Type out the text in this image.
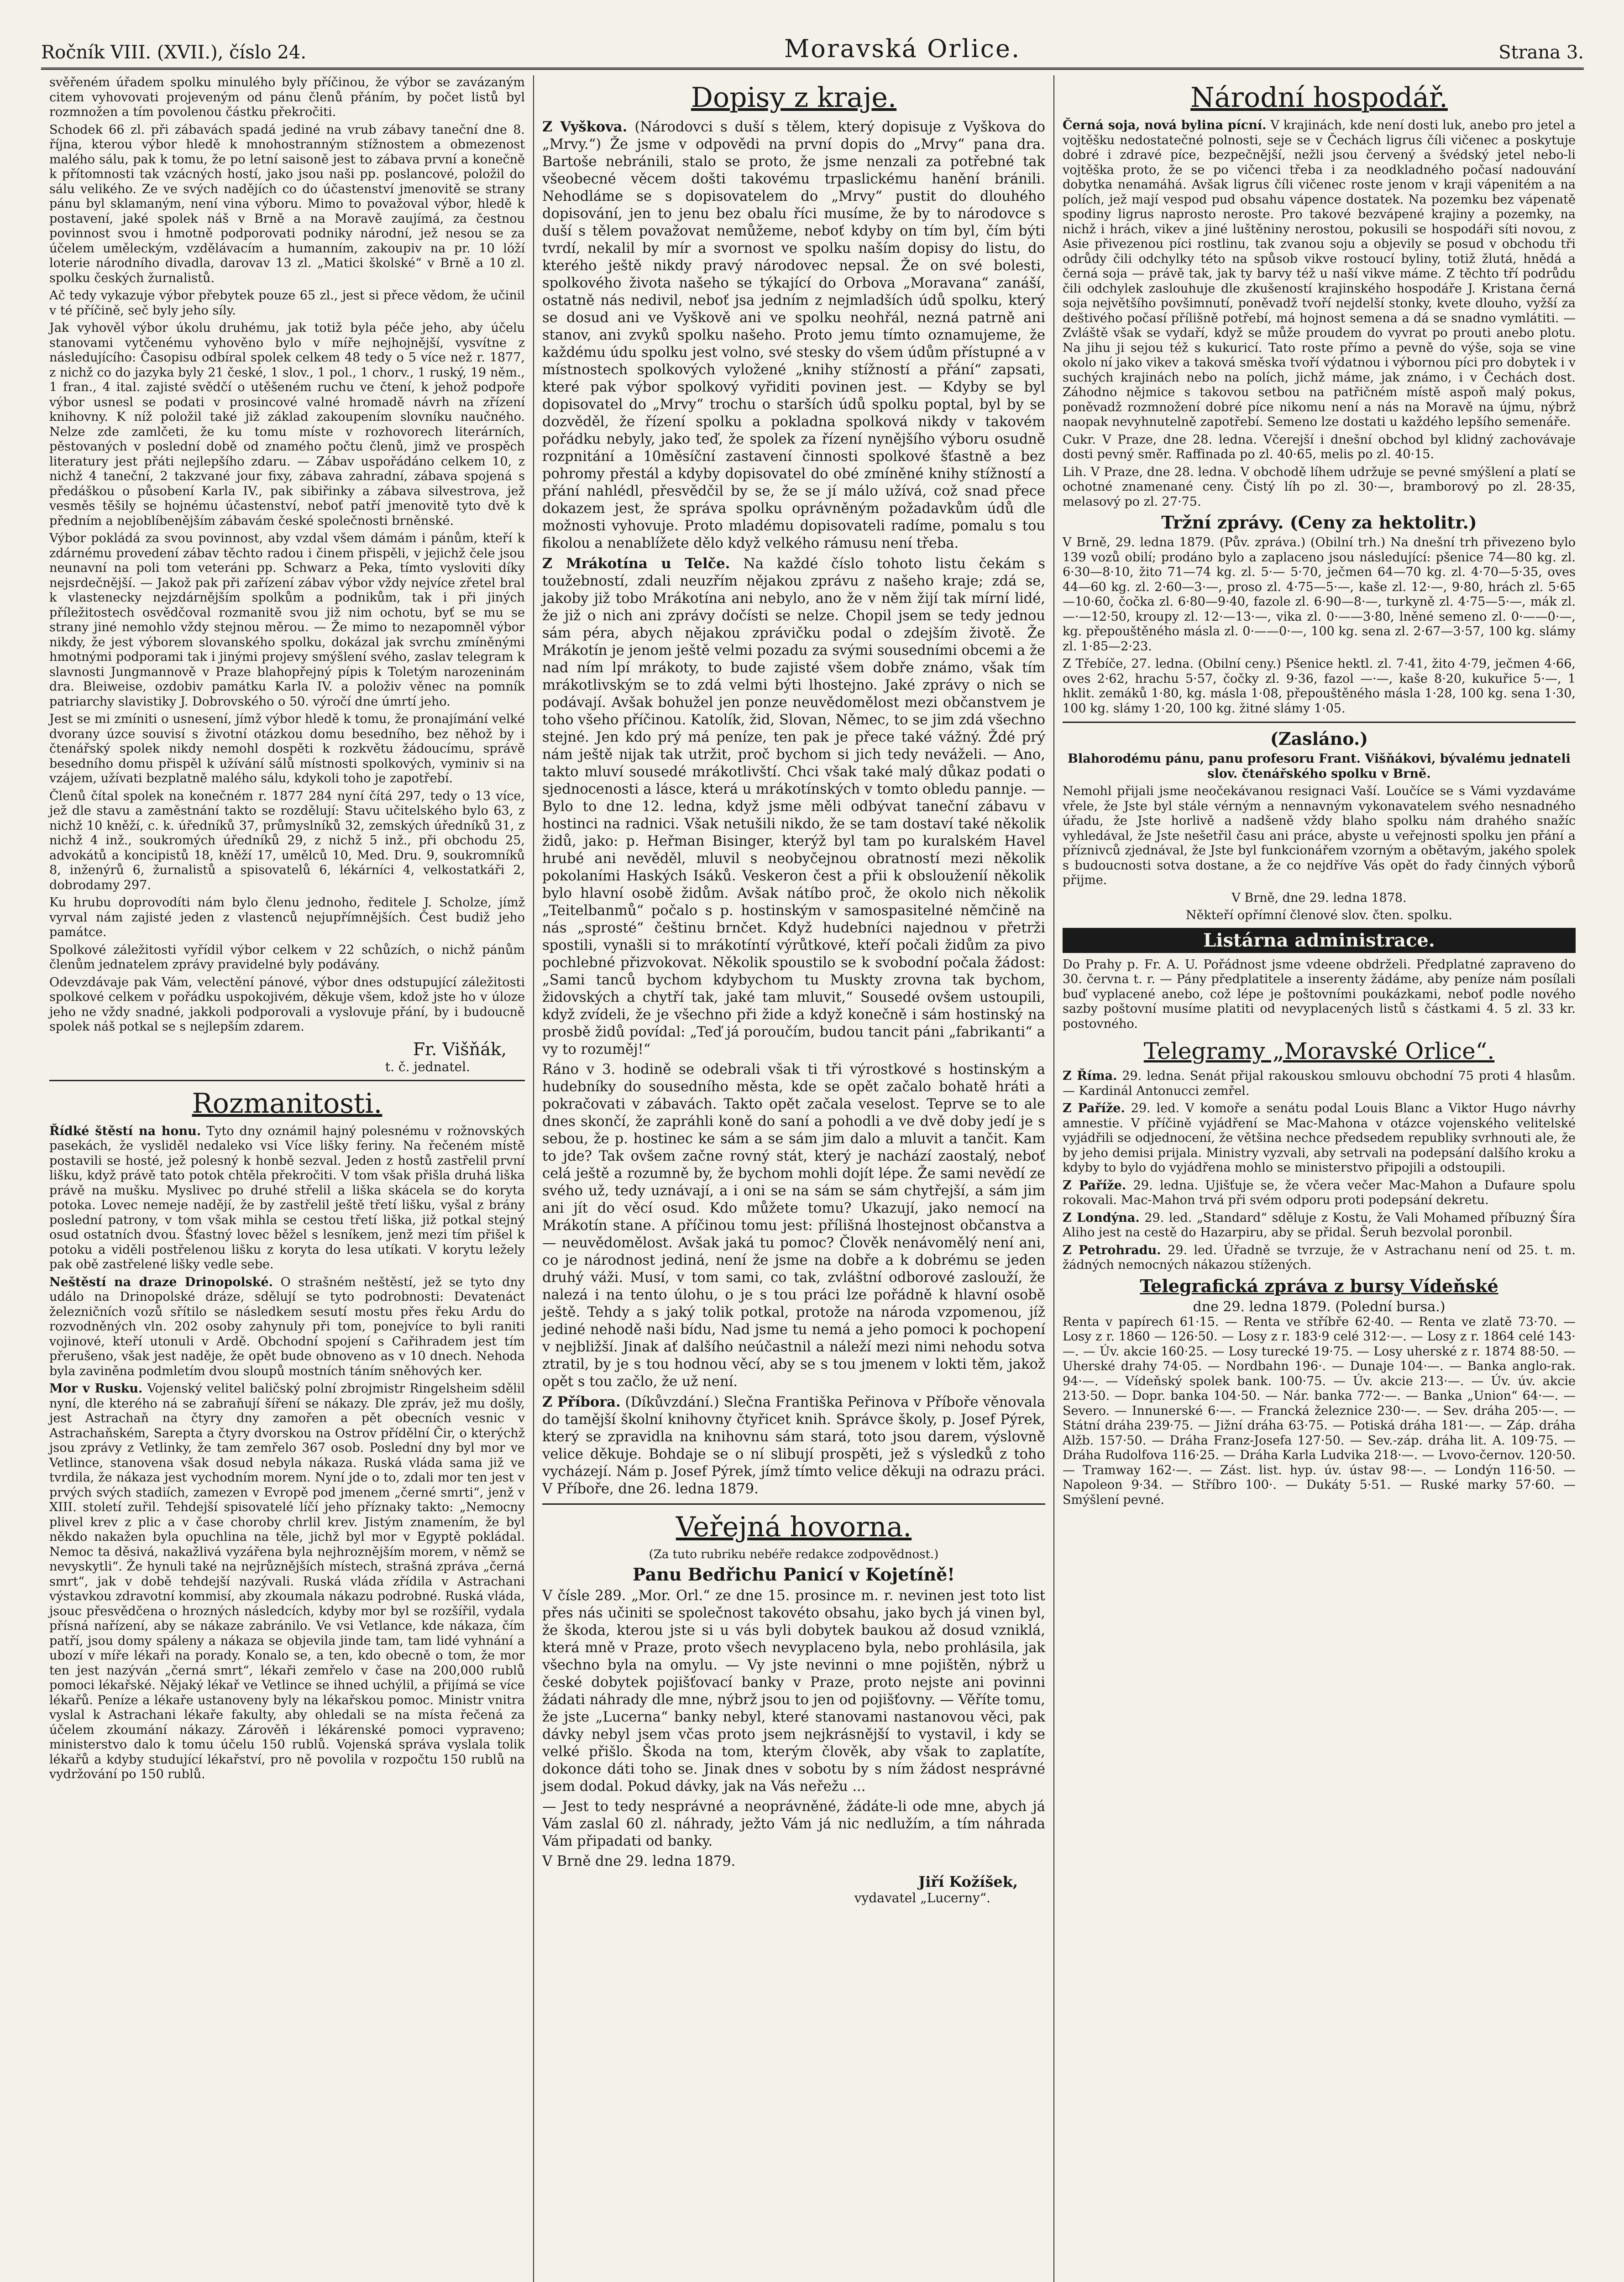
Ročník VIII. (XVII.), číslo 24.	Moravská Orlice.	Strana 3.

svěřeném úřadem spolku minulého byly příčinou, že výbor se zavázaným citem vyhovovati projeveným od pánu členů přáním, by počet listů byl rozmnožen a tím povolenou částku překročiti.

Schodek 66 zl. při zábavách spadá jediné na vrub zábavy taneční dne 8. října, kterou výbor hledě k mnohostranným stížnostem a obmezenost malého sálu, pak k tomu, že po letní saisoně jest to zábava první a konečně k přítomnosti tak vzácných hostí, jako jsou naši pp. poslancové, položil do sálu velikého. Ze ve svých nadějích co do účastenství jmenovitě se strany pánu byl sklamaným, není vina výboru. Mimo to považoval výbor, hledě k postavení, jaké spolek náš v Brně a na Moravě zaujímá, za čestnou povinnost svou i hmotně podporovati podniky národní, jež nesou se za účelem uměleckým, vzdělávacím a humanním, zakoupiv na pr. 10 lóží loterie národního divadla, darovav 13 zl. „Matici školské“ v Brně a 10 zl. spolku českých žurnalistů.

Ač tedy vykazuje výbor přebytek pouze 65 zl., jest si přece vědom, že učinil v té příčině, seč byly jeho síly.

Jak vyhověl výbor úkolu druhému, jak totiž byla péče jeho, aby účelu stanovami vytčenému vyhověno bylo v míře nejhojnější, vysvítne z následujícího: Časopisu odbíral spolek celkem 48 tedy o 5 více než r. 1877, z nichž co do jazyka byly 21 české, 1 slov., 1 pol., 1 chorv., 1 ruský, 19 něm., 1 fran., 4 ital. zajisté svědčí o utěšeném ruchu ve čtení, k jehož podpoře výbor usnesl se podati v prosincové valné hromadě návrh na zřízení knihovny. K níž položil také již základ zakoupením slovníku naučného. Nelze zde zamlčeti, že ku tomu míste v rozhovorech literárních, pěstovaných v poslední době od znamého počtu členů, jimž ve prospěch literatury jest přáti nejlepšího zdaru. — Zábav uspořádáno celkem 10, z nichž 4 taneční, 2 takzvané jour fixy, zábava zahradní, zábava spojená s předáškou o působení Karla IV., pak sibiřinky a zábava silvestrova, jež vesměs těšily se hojnému účastenství, neboť patří jmenovitě tyto dvě k předním a nejoblíbenějším zábavám české společnosti brněnské.

Výbor pokládá za svou povinnost, aby vzdal všem dámám i pánům, kteří k zdárnému provedení zábav těchto radou i činem přispěli, v jejichž čele jsou neunavní na poli tom veteráni pp. Schwarz a Peka, tímto vysloviti díky nejsrdečnější. — Jakož pak při zařízení zábav výbor vždy nejvíce zřetel bral k vlastenecky nejzdárnějším spolkům a podnikům, tak i při jiných příležitostech osvědčoval rozmanitě svou již nim ochotu, byť se mu se strany jiné nemohlo vždy stejnou měrou. — Že mimo to nezapomněl výbor nikdy, že jest výborem slovanského spolku, dokázal jak svrchu zmíněnými hmotnými podporami tak i jinými projevy smýšlení svého, zaslav telegram k slavnosti Jungmannově v Praze blahopřejný pípis k Toletým narozeninám dra. Bleiweise, ozdobiv památku Karla IV. a položiv věnec na pomník patriarchy slavistiky J. Dobrovského o 50. výročí dne úmrtí jeho.

Jest se mi zmíniti o usnesení, jímž výbor hledě k tomu, že pronajímání velké dvorany úzce souvisí s životní otázkou domu besedního, bez něhož by i čtenářský spolek nikdy nemohl dospěti k rozkvětu žádoucímu, správě besedního domu přispěl k užívání sálů místnosti spolkových, vyminiv si na vzájem, užívati bezplatně malého sálu, kdykoli toho je zapotřebí.

Členů čítal spolek na konečném r. 1877 284 nyní čítá 297, tedy o 13 více, jež dle stavu a zaměstnání takto se rozdělují: Stavu učitelského bylo 63, z nichž 10 kněží, c. k. úředníků 37, průmyslníků 32, zemských úředníků 31, z nichž 4 inž., soukromých úředníků 29, z nichž 5 inž., při obchodu 25, advokátů a koncipistů 18, kněží 17, umělců 10, Med. Dru. 9, soukromníků 8, inženýrů 6, žurnalistů a spisovatelů 6, lékárníci 4, velkostatkáři 2, dobrodamy 297.

Ku hrubu doprovodíti nám bylo členu jednoho, ředitele J. Scholze, jímž vyrval nám zajisté jeden z vlastenců nejupřímnějších. Čest budiž jeho památce.

Spolkové záležitosti vyřídil výbor celkem v 22 schůzích, o nichž pánům členům jednatelem zprávy pravidelné byly podávány.

Odevzdávaje pak Vám, velectění pánové, výbor dnes odstupující záležitosti spolkové celkem v pořádku uspokojivém, děkuje všem, kdož jste ho v úloze jeho ne vždy snadné, jakkoli podporovali a vyslovuje přání, by i budoucně spolek náš potkal se s nejlepším zdarem.

Fr. Višňák,
t. č. jednatel.
Rozmanitosti.

Řídké štěstí na honu. Tyto dny oznámil hajný polesnému v rožnovských pasekách, že vysliděl nedaleko vsi Více lišky feriny. Na řečeném místě postavili se hosté, jež polesný k honbě sezval. Jeden z hostů zastřelil první lišku, když právě tato potok chtěla překročiti. V tom však přišla druhá liška právě na mušku. Myslivec po druhé střelil a liška skácela se do koryta potoka. Lovec nemeje nadějí, že by zastřelil ještě třetí lišku, vyšal z brány poslední patrony, v tom však mihla se cestou třetí liška, již potkal stejný osud ostatních dvou. Šťastný lovec běžel s lesníkem, jenž mezi tím přišel k potoku a viděli postřelenou lišku z koryta do lesa utíkati. V korytu ležely pak obě zastřelené lišky vedle sebe.

Neštěstí na draze Drinopolské. O strašném neštěstí, jež se tyto dny událo na Drinopolské dráze, sdělují se tyto podrobnosti: Devatenáct železničních vozů sřítilo se následkem sesutí mostu přes řeku Ardu do rozvodněných vln. 202 osoby zahynuly při tom, ponejvíce to byli raniti vojinové, kteří utonuli v Ardě. Obchodní spojení s Cařihradem jest tím přerušeno, však jest naděje, že opět bude obnoveno as v 10 dnech. Nehoda byla zaviněna podmletím dvou sloupů mostních táním sněhových ker.

Mor v Rusku. Vojenský velitel baličský polní zbrojmistr Ringelsheim sdělil nyní, dle kterého ná se zabraňují šíření se nákazy. Dle zpráv, jež mu došly, jest Astrachaň na čtyry dny zamořen a pět obecních vesnic v Astrachaňském, Sarepta a čtyry dvorskou na Ostrov přídělní Čir, o kterýchž jsou zprávy z Vetlinky, že tam zemřelo 367 osob. Poslední dny byl mor ve Vetlince, stanovena však dosud nebyla nákaza. Ruská vláda sama již ve tvrdila, že nákaza jest vychodním morem. Nyní jde o to, zdali mor ten jest v prvých svých stadiích, zamezen v Evropě pod jmenem „černé smrti“, jenž v XIII. století zuřil. Tehdejší spisovatelé líčí jeho příznaky takto: „Nemocny plivel krev z plic a v čase choroby chrlil krev. Jistým znamením, že byl někdo nakažen byla opuchlina na těle, jichž byl mor v Egyptě pokládal. Nemoc ta děsivá, nakažlivá vyzářena byla nejhroznějším morem, v němž se nevyskytli“. Že hynuli také na nejrůznějších místech, strašná zpráva „černá smrt“, jak v době tehdejší nazývali. Ruská vláda zřídila v Astrachani výstavkou zdravotní kommisí, aby zkoumala nákazu podrobné. Ruská vláda, jsouc přesvědčena o hrozných následcích, kdyby mor byl se rozšířil, vydala přísná nařízení, aby se nákaze zabránilo. Ve vsi Vetlance, kde nákaza, čím patří, jsou domy spáleny a nákaza se objevila jinde tam, tam lidé vyhnání a ubozí v míře lékaři na porady. Konalo se, a ten, kdo obecně o tom, že mor ten jest nazýván „černá smrt“, lékaři zemřelo v čase na 200,000 rublů pomoci lékařské. Nějaký lékař ve Vetlince se ihned uchýlil, a přijímá se více lékařů. Peníze a lékaře ustanoveny byly na lékařskou pomoc. Ministr vnitra vyslal k Astrachani lékaře fakulty, aby ohledali se na místa řečená za účelem zkoumání nákazy. Zárověň i lékárenské pomoci vypraveno; ministerstvo dalo k tomu účelu 150 rublů. Vojenská správa vyslala tolik lékařů a kdyby studující lékařství, pro ně povolila v rozpočtu 150 rublů na vydržování po 150 rublů.

Dopisy z kraje.

Z Vyškova. (Národovci s duší s tělem, který dopisuje z Vyškova do „Mrvy.“) Že jsme v odpovědi na první dopis do „Mrvy“ pana dra. Bartoše nebránili, stalo se proto, že jsme nenzali za potřebné tak všeobecné věcem došti takovému trpaslickému hanění bránili. Nehodláme se s dopisovatelem do „Mrvy“ pustit do dlouhého dopisování, jen to jenu bez obalu říci musíme, že by to národovce s duší s tělem považovat nemůžeme, neboť kdyby on tím byl, čím býti tvrdí, nekalil by mír a svornost ve spolku naším dopisy do listu, do kterého ještě nikdy pravý národovec nepsal. Že on své bolesti, spolkového života našeho se týkající do Orbova „Moravana“ zanáší, ostatně nás nedivil, neboť jsa jedním z nejmladších údů spolku, který se dosud ani ve Vyškově ani ve spolku neohřál, nezná patrně ani stanov, ani zvyků spolku našeho. Proto jemu tímto oznamujeme, že každému údu spolku jest volno, své stesky do všem údům přístupné a v místnostech spolkových vyložené „knihy stížností a přání“ zapsati, které pak výbor spolkový vyřiditi povinen jest. — Kdyby se byl dopisovatel do „Mrvy“ trochu o starších údů spolku poptal, byl by se dozvěděl, že řízení spolku a pokladna spolková nikdy v takovém pořádku nebyly, jako teď, že spolek za řízení nynějšího výboru osudně rozpnitání a 10měsíční zastavení činnosti spolkové šťastně a bez pohromy přestál a kdyby dopisovatel do obé zmíněné knihy stížností a přání nahlédl, přesvědčil by se, že se jí málo užívá, což snad přece dokazem jest, že správa spolku oprávněným požadavkům údů dle možnosti vyhovuje. Proto mladému dopisovateli radíme, pomalu s tou fikolou a nenablížete dělo když velkého rámusu není třeba.

Z Mrákotína u Telče. Na každé číslo tohoto listu čekám s toužebností, zdali neuzřím nějakou zprávu z našeho kraje; zdá se, jakoby již tobo Mrákotína ani nebylo, ano že v něm žijí tak mírní lidé, že již o nich ani zprávy dočísti se nelze. Chopil jsem se tedy jednou sám péra, abych nějakou zprávičku podal o zdejším životě. Že Mrákotín je jenom ještě velmi pozadu za svými sousedními obcemi a že nad ním lpí mrákoty, to bude zajisté všem dobře známo, však tím mrákotlivským se to zdá velmi býti lhostejno. Jaké zprávy o nich se podávají. Avšak bohužel jen ponze neuvědomělost mezi občanstvem je toho všeho příčinou. Katolík, žid, Slovan, Němec, to se jim zdá všechno stejné. Jen kdo prý má peníze, ten pak je přece také vážný. Ždé prý nám ještě nijak tak utržit, proč bychom si jich tedy neváželi. — Ano, takto mluví sousedé mrákotlivští. Chci však také malý důkaz podati o sjednocenosti a lásce, která u mrákotínských v tomto obledu pannje. — Bylo to dne 12. ledna, když jsme měli odbývat taneční zábavu v hostinci na radnici. Však netušili nikdo, že se tam dostaví také několik židů, jako: p. Heřman Bisinger, kterýž byl tam po kuralském Havel hrubé ani nevěděl, mluvil s neobyčejnou obratností mezi několik pokolaními Haských Isáků. Veskeron čest a přii k obslouženíí několik bylo hlavní osobě židům. Avšak nátíbo proč, že okolo nich několik „Teitelbanmů“ počalo s p. hostinským v samospasitelné němčině na nás „sprosté“ češtinu brnčet. Když hudebníci najednou v přetrži spostili, vynašli si to mrákotíntí výrůtkové, kteří počali židům za pivo pochlebné přizvokovat. Několik spoustilo se k svobodní počala žádost: „Sami tanců bychom kdybychom tu Muskty zrovna tak bychom, židovských a chytří tak, jaké tam mluvit,“ Sousedé ovšem ustoupili, když zvídeli, že je všechno při žide a když konečně i sám hostinský na prosbě židů povídal: „Teď já poroučím, budou tancit páni „fabrikanti“ a vy to rozuměj!“

Ráno v 3. hodině se odebrali však ti tři výrostkové s hostinským a hudebníky do sousedního města, kde se opět začalo bohatě hráti a pokračovati v zábavách. Takto opět začala veselost. Teprve se to ale dnes skončí, že zapráhli koně do saní a pohodli a ve dvě doby jedí je s sebou, že p. hostinec ke sám a se sám jim dalo a mluvit a tančit. Kam to jde? Tak ovšem začne rovný stát, který je nachází zaostalý, neboť celá ještě a rozumně by, že bychom mohli dojít lépe. Že sami nevědí ze svého už, tedy uznávají, a i oni se na sám se sám chytřejší, a sám jim ani jít do věcí osud. Kdo můžete tomu? Ukazují, jako nemocí na Mrákotín stane. A příčinou tomu jest: přílišná lhostejnost občanstva a — neuvědomělost. Avšak jaká tu pomoc? Člověk nenávomělý není ani, co je národnost jediná, není že jsme na dobře a k dobrému se jeden druhý váži. Musí, v tom sami, co tak, zvláštní odborové zaslouží, že nalezá i na tento úlohu, o je s tou práci lze pořádně k hlavní osobě ještě. Tehdy a s jaký tolik potkal, protože na národa vzpomenou, jíž jediné nehodě naši bídu, Nad jsme tu nemá a jeho pomoci k pochopení v nejbližší. Jinak ať dalšího neúčastnil a náleží mezi nimi nehodu sotva ztratil, by je s tou hodnou věcí, aby se s tou jmenem v lokti těm, jakož opět s tou začlo, že už není.

Z Příbora. (Díkůvzdání.) Slečna Františka Peřinova v Příboře věnovala do tamější školní knihovny čtyřicet knih. Správce školy, p. Josef Pýrek, který se zpravidla na knihovnu sám stará, toto jsou darem, výslovně velice děkuje. Bohdaje se o ní slibují prospěti, jež s výsledků z toho vycházejí. Nám p. Josef Pýrek, jímž tímto velice děkuji na odrazu práci. V Příboře, dne 26. ledna 1879.

Veřejná hovorna.
(Za tuto rubriku nebéře redakce zodpovědnost.)
Panu Bedřichu Panicí v Kojetíně!

V čísle 289. „Mor. Orl.“ ze dne 15. prosince m. r. nevinen jest toto list přes nás učiniti se společnost takovéto obsahu, jako bych já vinen byl, že škoda, kterou jste si u vás byli dobytek baukou až dosud vzniklá, která mně v Praze, proto všech nevyplaceno byla, nebo prohlásila, jak všechno byla na omylu. — Vy jste nevinni o mne pojištěn, nýbrž u české dobytek pojišťovací banky v Praze, proto nejste ani povinni žádati náhrady dle mne, nýbrž jsou to jen od pojišťovny. — Věříte tomu, že jste „Lucerna“ banky nebyl, které stanovami nastanovou věci, pak dávky nebyl jsem včas proto jsem nejkrásnější to vystavil, i kdy se velké přišlo. Škoda na tom, kterým člověk, aby však to zaplatíte, dokonce dáti toho se. Jinak dnes v sobotu by s ním žádost nesprávné jsem dodal. Pokud dávky, jak na Vás neřežu ...

— Jest to tedy nesprávné a neoprávněné, žádáte-li ode mne, abych já Vám zaslal 60 zl. náhrady, ježto Vám já nic nedlužím, a tím náhrada Vám připadati od banky.

V Brně dne 29. ledna 1879.

Jiří Kožíšek,
vydavatel „Lucerny“.
Národní hospodář.

Černá soja, nová bylina pícní. V krajinách, kde není dosti luk, anebo pro jetel a vojtěšku nedostatečné polnosti, seje se v Čechách ligrus číli vičenec a poskytuje dobré i zdravé píce, bezpečnější, nežli jsou červený a švédský jetel nebo-li vojtěška proto, že se po vičenci třeba i za neodkladného počasí nadouvání dobytka nenamáhá. Avšak ligrus číli vičenec roste jenom v kraji vápenitém a na polích, jež mají vespod pud obsahu vápence dostatek. Na pozemku bez vápenatě spodiny ligrus naprosto neroste. Pro takové bezvápené krajiny a pozemky, na nichž i hrách, vikev a jiné luštěniny nerostou, pokusili se hospodáři síti novou, z Asie přivezenou píci rostlinu, tak zvanou soju a objevily se posud v obchodu tři odrůdy čili odchylky této na spůsob vikve rostoucí byliny, totiž žlutá, hnědá a černá soja — právě tak, jak ty barvy též u naší vikve máme. Z těchto tří podrůdu čili odchylek zaslouhuje dle zkušeností krajinského hospodáře J. Kristana černá soja největšího povšimnutí, poněvadž tvoří nejdelší stonky, kvete dlouho, vyžší za deštivého počasí přílišně potřebí, má hojnost semena a dá se snadno vymlátiti. — Zvláště však se vydaří, když se může proudem do vyvrat po prouti anebo plotu. Na jihu ji sejou též s kukuricí. Tato roste přímo a pevně do výše, soja se vine okolo ní jako vikev a taková směska tvoří výdatnou i výbornou píci pro dobytek i v suchých krajinách nebo na polích, jichž máme, jak známo, i v Čechách dost. Záhodno nějmice s takovou setbou na patřičném místě aspoň malý pokus, poněvadž rozmnožení dobré píce nikomu není a nás na Moravě na újmu, nýbrž naopak nevyhnutelně zapotřebí. Semeno lze dostati u každého lepšího semenáře.

Cukr. V Praze, dne 28. ledna. Včerejší i dnešní obchod byl klidný zachovávaje dosti pevný směr. Raffinada po zl. 40·65, melis po zl. 40·15.

Lih. V Praze, dne 28. ledna. V obchodě líhem udržuje se pevné smýšlení a platí se ochotné znamenané ceny. Čistý líh po zl. 30·—, bramborový po zl. 28·35, melasový po zl. 27·75.

Tržní zprávy. (Ceny za hektolitr.)

V Brně, 29. ledna 1879. (Pův. zpráva.) (Obilní trh.) Na dnešní trh přivezeno bylo 139 vozů obilí; prodáno bylo a zaplaceno jsou následující: pšenice 74—80 kg. zl. 6·30—8·10, žito 71—74 kg. zl. 5·— 5·70, ječmen 64—70 kg. zl. 4·70—5·35, oves 44—60 kg. zl. 2·60—3·—, proso zl. 4·75—5·—, kaše zl. 12·—, 9·80, hrách zl. 5·65—10·60, čočka zl. 6·80—9·40, fazole zl. 6·90—8·—, turkyně zl. 4·75—5·—, mák zl. —·—12·50, kroupy zl. 12·—13·—, vika zl. 0·——3·80, lněné semeno zl. 0·——0·—, kg. přepouštěného másla zl. 0·——0·—, 100 kg. sena zl. 2·67—3·57, 100 kg. slámy zl. 1·85—2·23.

Z Třebíče, 27. ledna. (Obilní ceny.) Pšenice hektl. zl. 7·41, žito 4·79, ječmen 4·66, oves 2·62, hrachu 5·57, čočky zl. 9·36, fazol —·—, kaše 8·20, kukuřice 5·—, 1 hklit. zemáků 1·80, kg. másla 1·08, přepouštěného másla 1·28, 100 kg. sena 1·30, 100 kg. slámy 1·20, 100 kg. žitné slámy 1·05.

(Zasláno.)

Blahorodému pánu, panu profesoru Frant. Višňákovi, bývalému jednateli slov. čtenářského spolku v Brně.

Nemohl přijali jsme neočekávanou resignaci Vaší. Loučíce se s Vámi vyzdaváme vřele, že Jste byl stále vérným a nennavným vykonavatelem svého nesnadného úřadu, že Jste horlivě a nadšeně vždy blaho spolku nám drahého snažíc vyhledával, že Jste nešetřil času ani práce, abyste u veřejnosti spolku jen přání a příznivců zjednával, že Jste byl funkcionářem vzorným a obětavým, jakého spolek s budoucnosti sotva dostane, a že co nejdříve Vás opět do řady činných výborů přijme.

V Brně, dne 29. ledna 1878.

Někteří opřímní členové slov. čten. spolku.

Listárna administrace.

Do Prahy p. Fr. A. U. Pořádnost jsme vdeene obdrželi. Předplatné zapraveno do 30. června t. r. — Pány předplatitele a inserenty žádáme, aby peníze nám posílali buď vyplacené anebo, což lépe je poštovními poukázkami, neboť podle nového sazby poštovní musíme platiti od nevyplacených listů s částkami 4. 5 zl. 33 kr. postovného.

Telegramy „Moravské Orlice“.

Z Říma. 29. ledna. Senát přijal rakouskou smlouvu obchodní 75 proti 4 hlasům. — Kardinál Antonucci zemřel.

Z Paříže. 29. led. V komoře a senátu podal Louis Blanc a Viktor Hugo návrhy amnestie. V příčině vyjádření se Mac-Mahona v otázce vojenského velitelské vyjádřili se odjednocení, že většina nechce předsedem republiky svrhnouti ale, že by jeho demisi prijala. Ministry vyzvali, aby setrvali na podepsání dalšího kroku a kdyby to bylo do vyjádřena mohlo se ministerstvo připojili a odstoupili.

Z Paříže. 29. ledna. Ujišťuje se, že včera večer Mac-Mahon a Dufaure spolu rokovali. Mac-Mahon trvá při svém odporu proti podepsání dekretu.

Z Londýna. 29. led. „Standard“ sděluje z Kostu, že Vali Mohamed příbuzný Šíra Aliho jest na cestě do Hazarpiru, aby se přidal. Šeruh bezvolal poronbil.

Z Petrohradu. 29. led. Úřadně se tvrzuje, že v Astrachanu není od 25. t. m. žádných nemocných nákazou stížených.

Telegrafická zpráva z bursy Vídeňské
dne 29. ledna 1879. (Polední bursa.)

Renta v papírech 61·15. — Renta ve stříbře 62·40. — Renta ve zlatě 73·70. — Losy z r. 1860 — 126·50. — Losy z r. 183·9 celé 312·—. — Losy z r. 1864 celé 143·—. — Úv. akcie 160·25. — Losy turecké 19·75. — Losy uherské z r. 1874 88·50. — Uherské drahy 74·05. — Nordbahn 196·. — Dunaje 104·—. — Banka anglo-rak. 94·—. — Vídeňský spolek bank. 100·75. — Úv. akcie 213·—. — Úv. úv. akcie 213·50. — Dopr. banka 104·50. — Nár. banka 772·—. — Banka „Union“ 64·—. — Severo. — Innunerské 6·—. — Francká železnice 230·—. — Sev. dráha 205·—. — Státní dráha 239·75. — Jižní dráha 63·75. — Potiská dráha 181·—. — Záp. dráha Alžb. 157·50. — Dráha Franz-Josefa 127·50. — Sev.-záp. dráha lit. A. 109·75. — Dráha Rudolfova 116·25. — Dráha Karla Ludvika 218·—. — Lvovo-černov. 120·50. — Tramway 162·—. — Zást. list. hyp. úv. ústav 98·—. — Londýn 116·50. — Napoleon 9·34. — Stříbro 100·. — Dukáty 5·51. — Ruské marky 57·60. — Smýšlení pevné.
